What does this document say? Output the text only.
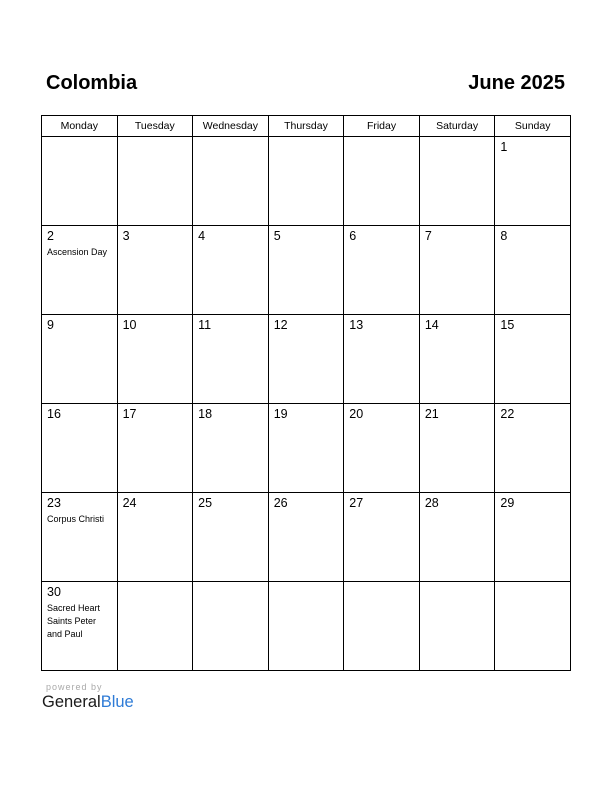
Colombia	June 2025
Monday	Tuesday	Wednesday	Thursday	Friday	Saturday	Sunday

						1

2
Ascension Day	3	4	5	6	7	8

9	10	11	12	13	14	15

16	17	18	19	20	21	22

23
Corpus Christi	24	25	26	27	28	29

30
Sacred Heart
Saints Peter
and Paul						

powered by
GeneralBlue
